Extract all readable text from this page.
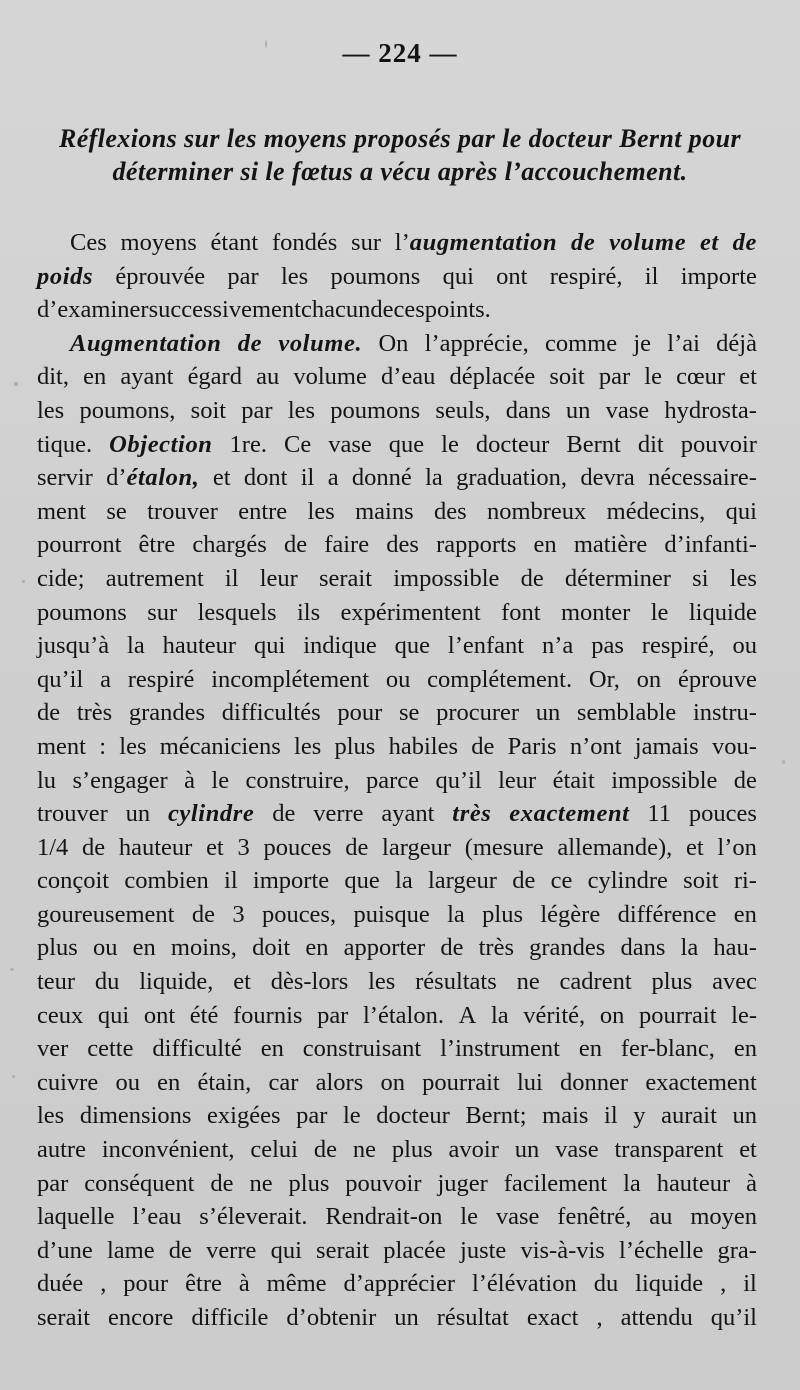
— 224 —
Réflexions sur les moyens proposés par le docteur Bernt pour
déterminer si le fœtus a vécu après l’accouchement.
Ces moyens étant fondés sur l’augmentation de volume et de
poids éprouvée par les poumons qui ont respiré, il importe
d’examiner successivement chacun de ces points.
Augmentation de volume. On l’apprécie, comme je l’ai déjà
dit, en ayant égard au volume d’eau déplacée soit par le cœur et
les poumons, soit par les poumons seuls, dans un vase hydrosta-
tique. Objection 1re. Ce vase que le docteur Bernt dit pouvoir
servir d’étalon, et dont il a donné la graduation, devra nécessaire-
ment se trouver entre les mains des nombreux médecins, qui
pourront être chargés de faire des rapports en matière d’infanti-
cide; autrement il leur serait impossible de déterminer si les
poumons sur lesquels ils expérimentent font monter le liquide
jusqu’à la hauteur qui indique que l’enfant n’a pas respiré, ou
qu’il a respiré incomplétement ou complétement. Or, on éprouve
de très grandes difficultés pour se procurer un semblable instru-
ment : les mécaniciens les plus habiles de Paris n’ont jamais vou-
lu s’engager à le construire, parce qu’il leur était impossible de
trouver un cylindre de verre ayant très exactement 11 pouces
1/4 de hauteur et 3 pouces de largeur (mesure allemande), et l’on
conçoit combien il importe que la largeur de ce cylindre soit ri-
goureusement de 3 pouces, puisque la plus légère différence en
plus ou en moins, doit en apporter de très grandes dans la hau-
teur du liquide, et dès-lors les résultats ne cadrent plus avec
ceux qui ont été fournis par l’étalon. A la vérité, on pourrait le-
ver cette difficulté en construisant l’instrument en fer-blanc, en
cuivre ou en étain, car alors on pourrait lui donner exactement
les dimensions exigées par le docteur Bernt; mais il y aurait un
autre inconvénient, celui de ne plus avoir un vase transparent et
par conséquent de ne plus pouvoir juger facilement la hauteur à
laquelle l’eau s’éleverait. Rendrait-on le vase fenêtré, au moyen
d’une lame de verre qui serait placée juste vis-à-vis l’échelle gra-
duée , pour être à même d’apprécier l’élévation du liquide , il
serait encore difficile d’obtenir un résultat exact , attendu qu’il
